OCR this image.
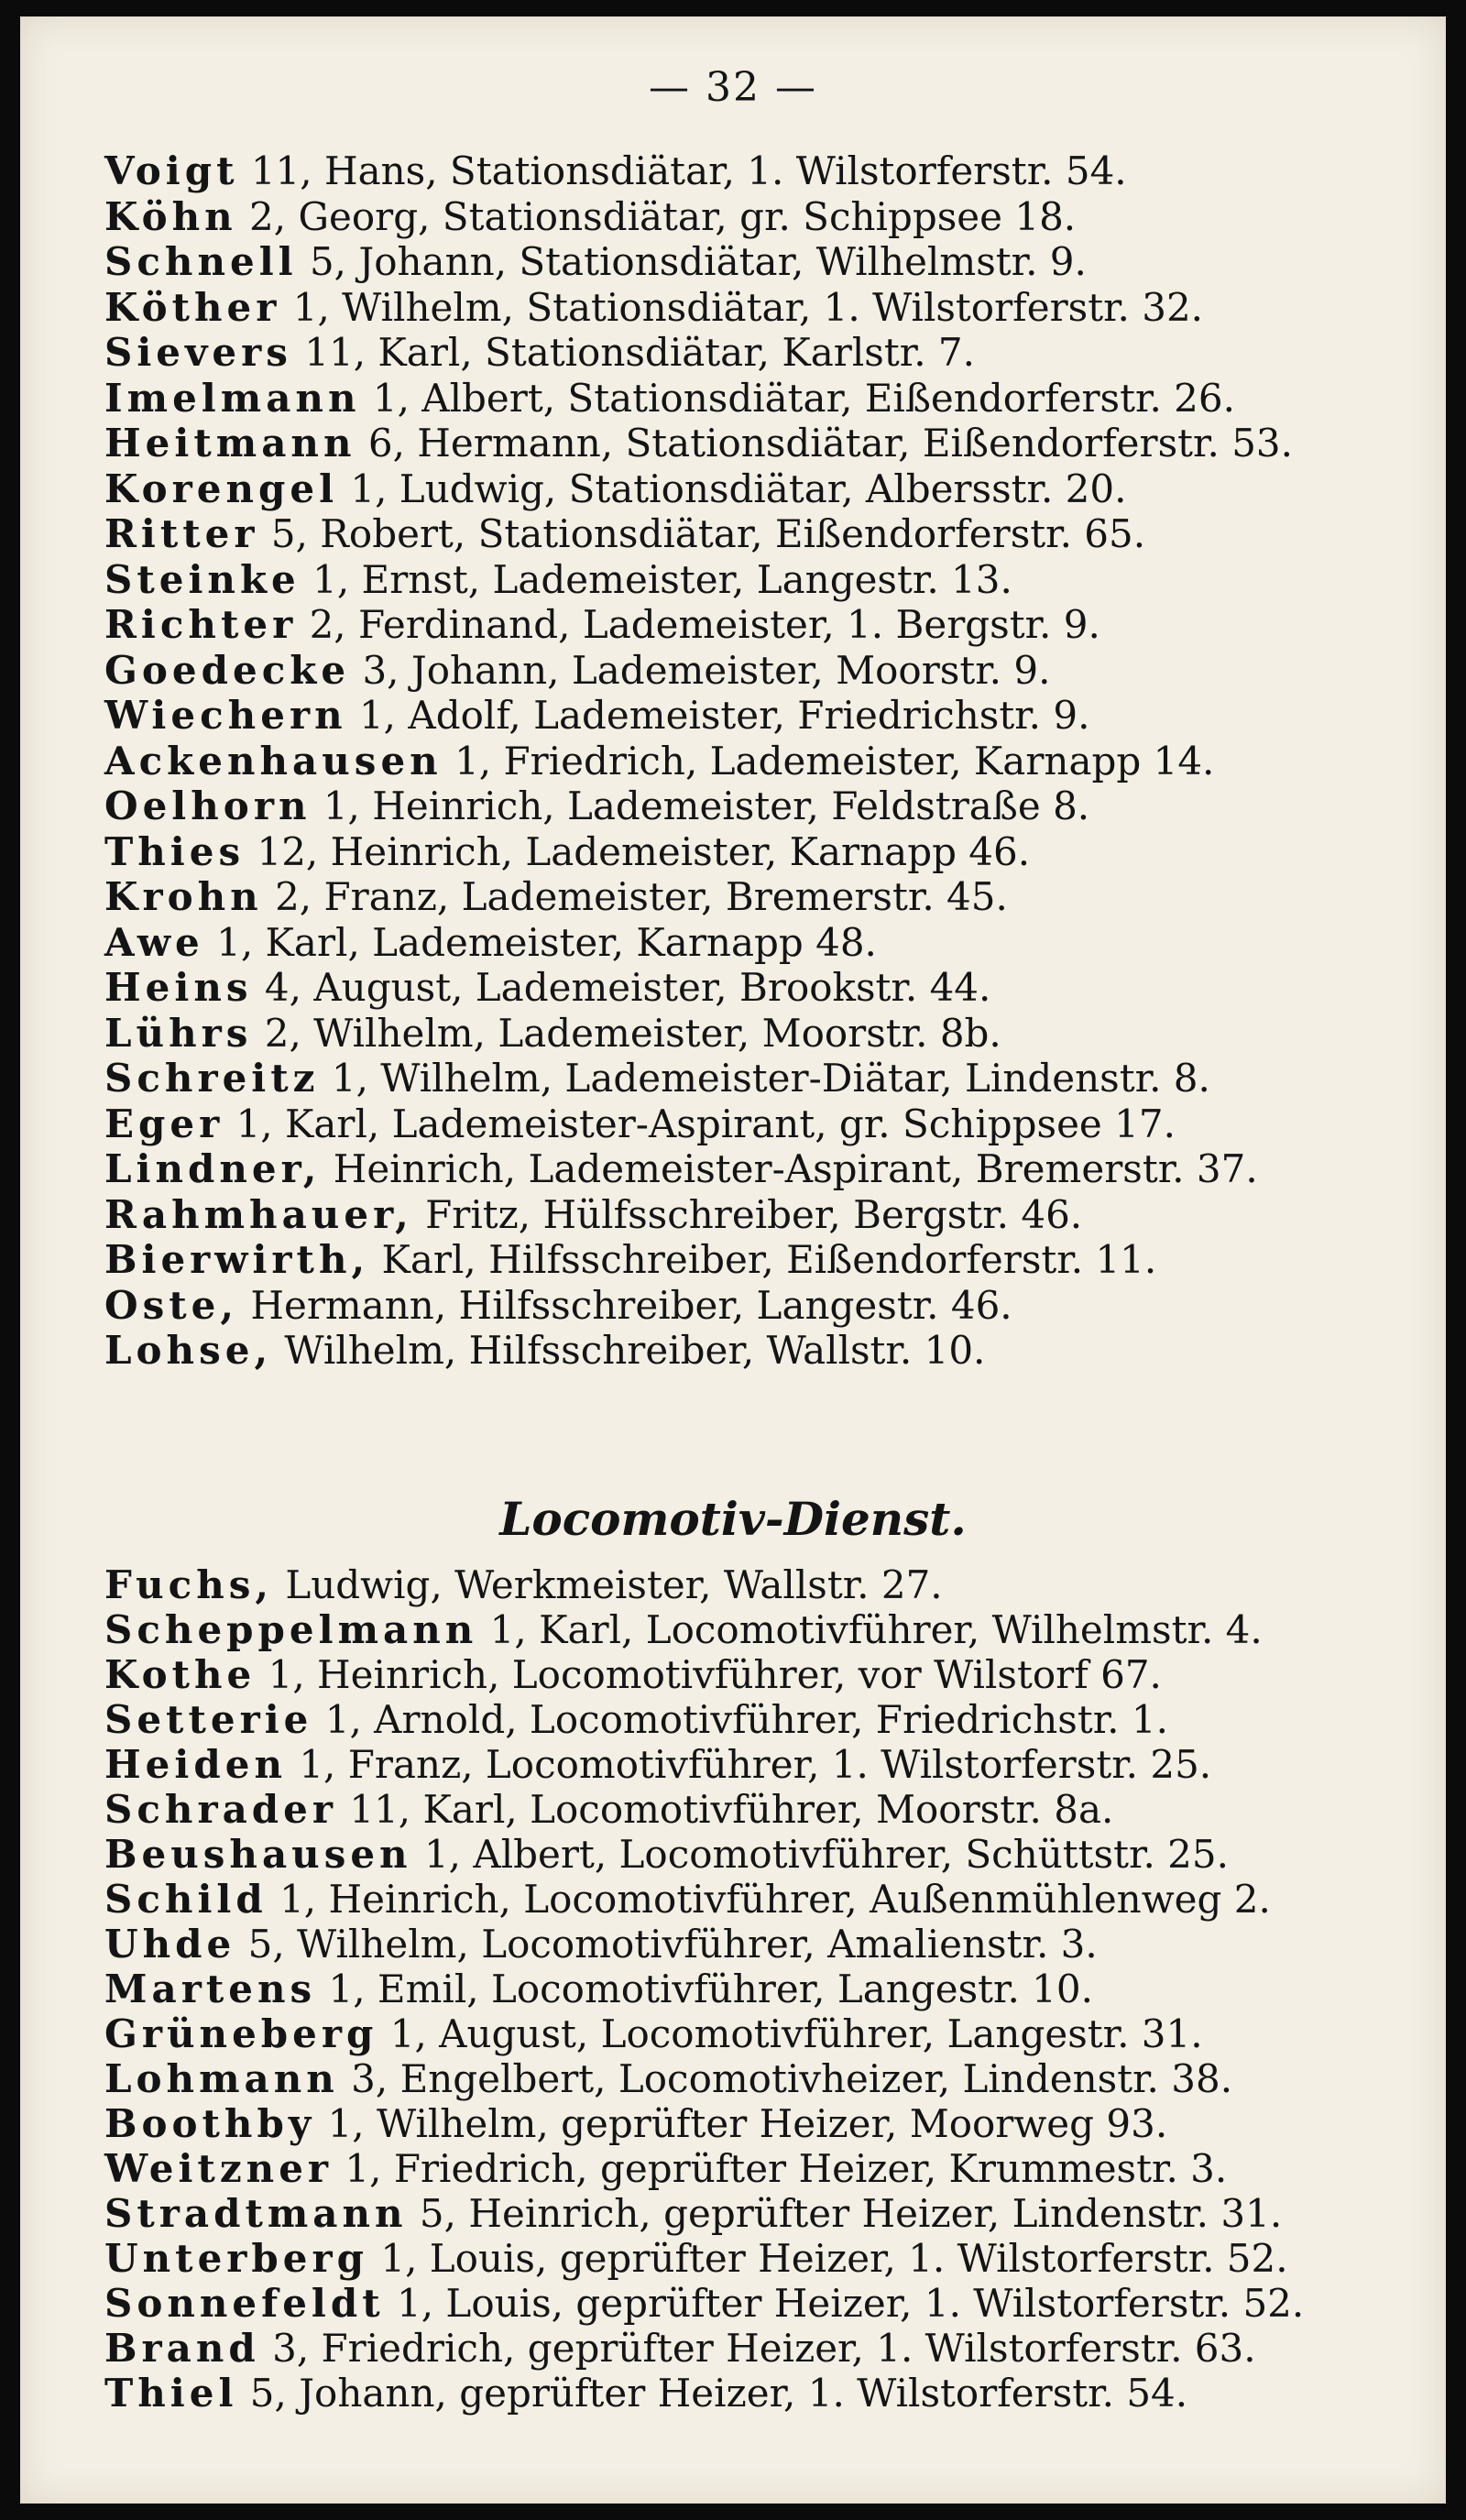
— 32 —
Voigt 11, Hans, Stationsdiätar, 1. Wilstorferstr. 54.
Köhn 2, Georg, Stationsdiätar, gr. Schippsee 18.
Schnell 5, Johann, Stationsdiätar, Wilhelmstr. 9.
Köther 1, Wilhelm, Stationsdiätar, 1. Wilstorferstr. 32.
Sievers 11, Karl, Stationsdiätar, Karlstr. 7.
Imelmann 1, Albert, Stationsdiätar, Eißendorferstr. 26.
Heitmann 6, Hermann, Stationsdiätar, Eißendorferstr. 53.
Korengel 1, Ludwig, Stationsdiätar, Albersstr. 20.
Ritter 5, Robert, Stationsdiätar, Eißendorferstr. 65.
Steinke 1, Ernst, Lademeister, Langestr. 13.
Richter 2, Ferdinand, Lademeister, 1. Bergstr. 9.
Goedecke 3, Johann, Lademeister, Moorstr. 9.
Wiechern 1, Adolf, Lademeister, Friedrichstr. 9.
Ackenhausen 1, Friedrich, Lademeister, Karnapp 14.
Oelhorn 1, Heinrich, Lademeister, Feldstraße 8.
Thies 12, Heinrich, Lademeister, Karnapp 46.
Krohn 2, Franz, Lademeister, Bremerstr. 45.
Awe 1, Karl, Lademeister, Karnapp 48.
Heins 4, August, Lademeister, Brookstr. 44.
Lührs 2, Wilhelm, Lademeister, Moorstr. 8b.
Schreitz 1, Wilhelm, Lademeister-Diätar, Lindenstr. 8.
Eger 1, Karl, Lademeister-Aspirant, gr. Schippsee 17.
Lindner, Heinrich, Lademeister-Aspirant, Bremerstr. 37.
Rahmhauer, Fritz, Hülfsschreiber, Bergstr. 46.
Bierwirth, Karl, Hilfsschreiber, Eißendorferstr. 11.
Oste, Hermann, Hilfsschreiber, Langestr. 46.
Lohse, Wilhelm, Hilfsschreiber, Wallstr. 10.
Locomotiv-Dienst.
Fuchs, Ludwig, Werkmeister, Wallstr. 27.
Scheppelmann 1, Karl, Locomotivführer, Wilhelmstr. 4.
Kothe 1, Heinrich, Locomotivführer, vor Wilstorf 67.
Setterie 1, Arnold, Locomotivführer, Friedrichstr. 1.
Heiden 1, Franz, Locomotivführer, 1. Wilstorferstr. 25.
Schrader 11, Karl, Locomotivführer, Moorstr. 8a.
Beushausen 1, Albert, Locomotivführer, Schüttstr. 25.
Schild 1, Heinrich, Locomotivführer, Außenmühlenweg 2.
Uhde 5, Wilhelm, Locomotivführer, Amalienstr. 3.
Martens 1, Emil, Locomotivführer, Langestr. 10.
Grüneberg 1, August, Locomotivführer, Langestr. 31.
Lohmann 3, Engelbert, Locomotivheizer, Lindenstr. 38.
Boothby 1, Wilhelm, geprüfter Heizer, Moorweg 93.
Weitzner 1, Friedrich, geprüfter Heizer, Krummestr. 3.
Stradtmann 5, Heinrich, geprüfter Heizer, Lindenstr. 31.
Unterberg 1, Louis, geprüfter Heizer, 1. Wilstorferstr. 52.
Sonnefeldt 1, Louis, geprüfter Heizer, 1. Wilstorferstr. 52.
Brand 3, Friedrich, geprüfter Heizer, 1. Wilstorferstr. 63.
Thiel 5, Johann, geprüfter Heizer, 1. Wilstorferstr. 54.
